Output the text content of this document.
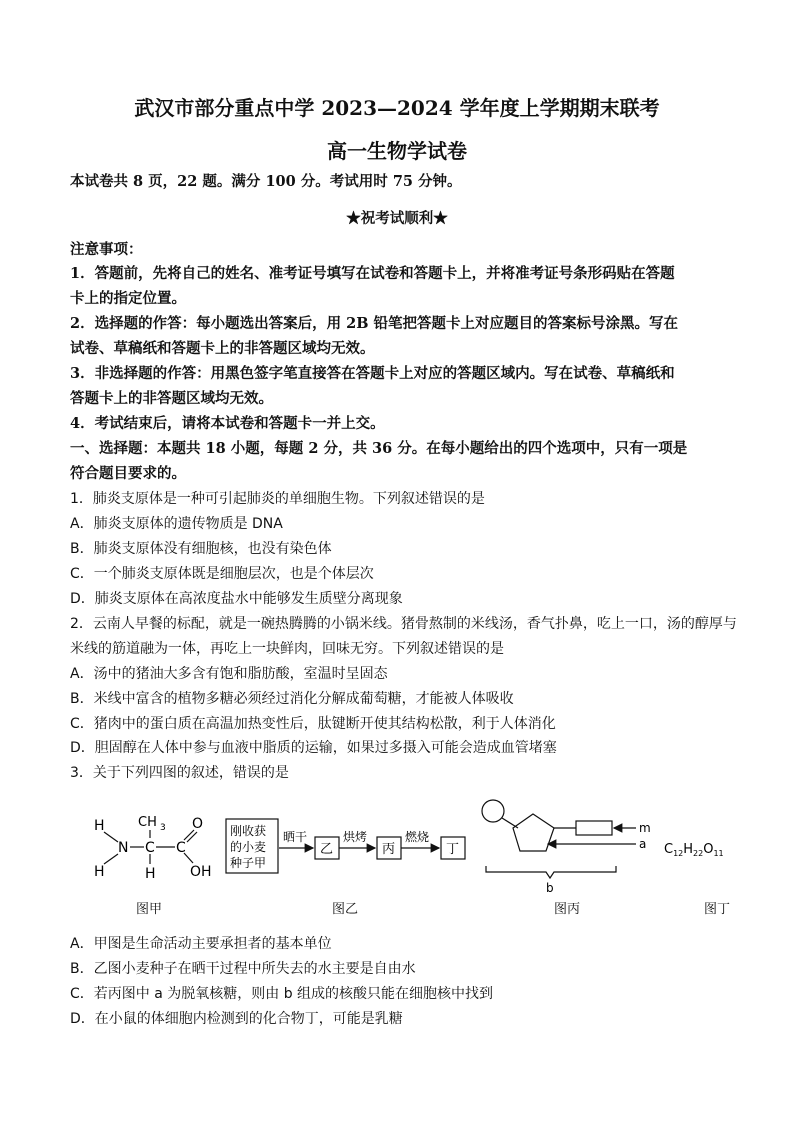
武汉市部分重点中学 2023—2024 学年度上学期期末联考
高一生物学试卷
本试卷共 8 页，22 题。满分 100 分。考试用时 75 分钟。
★祝考试顺利★
注意事项：
1．答题前，先将自己的姓名、准考证号填写在试卷和答题卡上，并将准考证号条形码贴在答题
卡上的指定位置。
2．选择题的作答：每小题选出答案后，用 2B 铅笔把答题卡上对应题目的答案标号涂黑。写在
试卷、草稿纸和答题卡上的非答题区域均无效。
3．非选择题的作答：用黑色签字笔直接答在答题卡上对应的答题区域内。写在试卷、草稿纸和
答题卡上的非答题区域均无效。
4．考试结束后，请将本试卷和答题卡一并上交。
一、选择题：本题共 18 小题，每题 2 分，共 36 分。在每小题给出的四个选项中，只有一项是
符合题目要求的。
1．肺炎支原体是一种可引起肺炎的单细胞生物。下列叙述错误的是
A．肺炎支原体的遗传物质是 DNA
B．肺炎支原体没有细胞核，也没有染色体
C．一个肺炎支原体既是细胞层次，也是个体层次
D．肺炎支原体在高浓度盐水中能够发生质壁分离现象
2．云南人早餐的标配，就是一碗热腾腾的小锅米线。猪骨熬制的米线汤，香气扑鼻，吃上一口，汤的醇厚与
米线的筋道融为一体，再吃上一块鲜肉，回味无穷。下列叙述错误的是
A．汤中的猪油大多含有饱和脂肪酸，室温时呈固态
B．米线中富含的植物多糖必须经过消化分解成葡萄糖，才能被人体吸收
C．猪肉中的蛋白质在高温加热变性后，肽键断开使其结构松散，利于人体消化
D．胆固醇在人体中参与血液中脂质的运输，如果过多摄入可能会造成血管堵塞
3．关于下列四图的叙述，错误的是
H
N
H
CH 3
C
H
C
O
OH
刚收获
的小麦
种子甲
晒干
乙
烘烤
丙
燃烧
丁
m
a
b
$C_{12}H_{22}O_{11}$
图甲	图乙	图丙	图丁
A．甲图是生命活动主要承担者的基本单位
B．乙图小麦种子在晒干过程中所失去的水主要是自由水
C．若丙图中 a 为脱氧核糖，则由 b 组成的核酸只能在细胞核中找到
D．在小鼠的体细胞内检测到的化合物丁，可能是乳糖
